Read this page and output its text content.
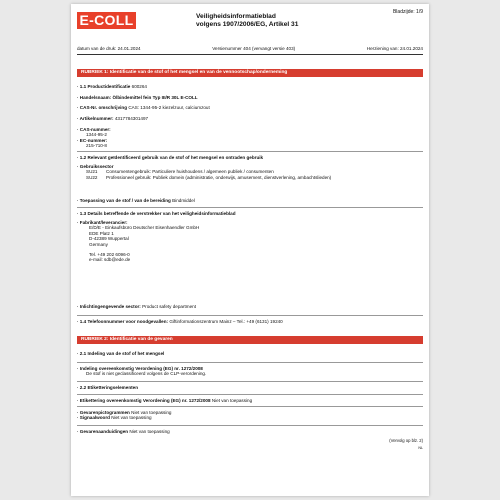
E-COLL	Veiligheidsinformatieblad
volgens 1907/2006/EG, Artikel 31
Bladzijde: 1/9
datum van de druk: 24.01.2024	Versienummer 404 (vervangt versie 403)	Herziening van: 24.01.2024
RUBRIEK 1: Identificatie van de stof of het mengsel en van de vennootschap/onderneming
· 1.1 Productidentificatie 600264
· Handelsnaam: Ölbindemittel fein Typ III/R 30L E-COLL
· CAS-Nr. omschrijving CAS: 1344-95-2 kiezelzuur, calciumzout
· Artikelnummer: 4317784301497
· CAS-nummer:
1344-95-2
· EC-nummer:
215-710-8
· 1.2 Relevant geïdentificeerd gebruik van de stof of het mengsel en ontraden gebruik
· Gebruikssector
SU21	Consumentengebruik: Particuliere huishoudens / algemeen publiek / consumenten
SU22	Professioneel gebruik: Publiek domein (administratie, onderwijs, amusement, dienstverlening, ambachtslieden)
· Toepassing van de stof / van de bereiding Bindmiddel
· 1.3 Details betreffende de verstrekker van het veiligheidsinformatieblad
· Fabrikant/leverancier:
E/D/E - Einkaufsbüro Deutscher Eisenhaendler GmbH
EDE Platz 1
D-42389 Wuppertal
Germany
Tel. +49 202 6096-0
e-mail: sdb@ede.de
· Inlichtingengevende sector: Product safety department
· 1.4 Telefoonnummer voor noodgevallen: Giftinformationszentrum Mainz – Tel.: +49 (6131) 19240
RUBRIEK 2: Identificatie van de gevaren
· 2.1 Indeling van de stof of het mengsel
· Indeling overeenkomstig Verordening (EG) nr. 1272/2008
De stof is niet geclassificeerd volgens de CLP-verordening.
· 2.2 Etiketteringselementen
· Etikettering overeenkomstig Verordening (EG) nr. 1272/2008 Niet van toepassing
· Gevarenpictogrammen Niet van toepassing
· Signaalwoord Niet van toepassing
· Gevarenaanduidingen Niet van toepassing
(Vervolg op blz. 2)
NL
